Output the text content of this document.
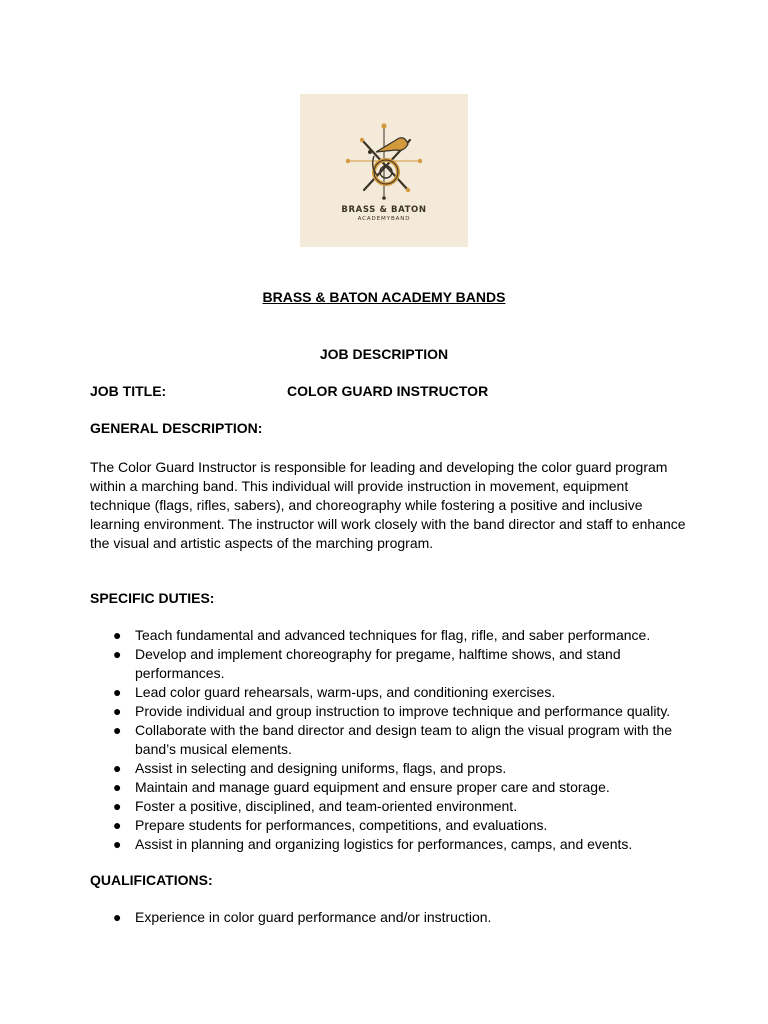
BRASS & BATON
ACADEMYBAND
BRASS & BATON ACADEMY BANDS
JOB DESCRIPTION
JOB TITLE:	COLOR GUARD INSTRUCTOR
GENERAL DESCRIPTION:

The Color Guard Instructor is responsible for leading and developing the color guard program within a marching band. This individual will provide instruction in movement, equipment technique (flags, rifles, sabers), and choreography while fostering a positive and inclusive learning environment. The instructor will work closely with the band director and staff to enhance the visual and artistic aspects of the marching program.

SPECIFIC DUTIES:
● Teach fundamental and advanced techniques for flag, rifle, and saber performance.
● Develop and implement choreography for pregame, halftime shows, and stand performances.
● Lead color guard rehearsals, warm-ups, and conditioning exercises.
● Provide individual and group instruction to improve technique and performance quality.
● Collaborate with the band director and design team to align the visual program with the band’s musical elements.
● Assist in selecting and designing uniforms, flags, and props.
● Maintain and manage guard equipment and ensure proper care and storage.
● Foster a positive, disciplined, and team-oriented environment.
● Prepare students for performances, competitions, and evaluations.
● Assist in planning and organizing logistics for performances, camps, and events.
QUALIFICATIONS:
● Experience in color guard performance and/or instruction.
